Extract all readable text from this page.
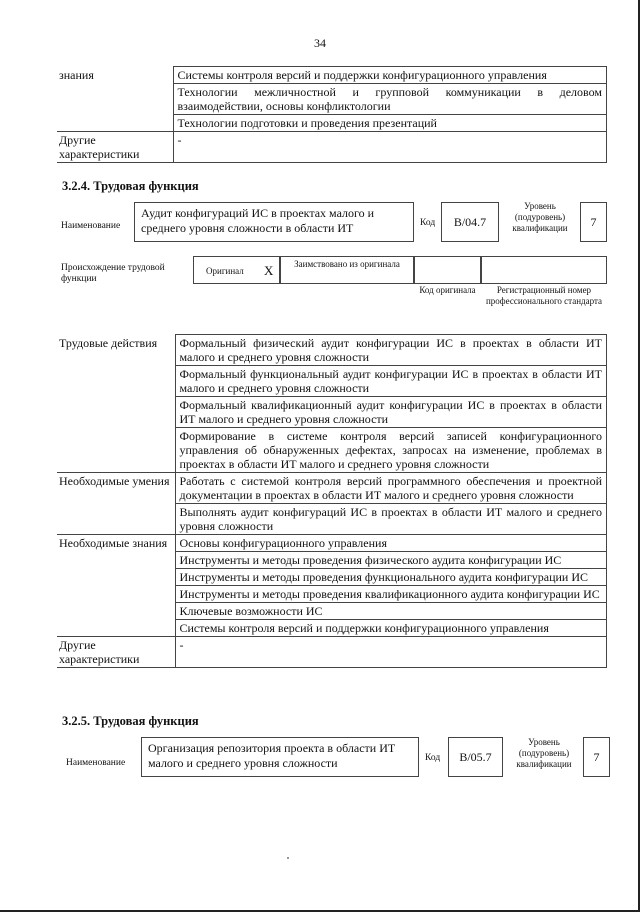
34
знания	Системы контроля версий и поддержки конфигурационного управления
	Технологии межличностной и групповой коммуникации в деловом взаимодействии, основы конфликтологии
	Технологии подготовки и проведения презентаций
Другие характеристики	-
3.2.4. Трудовая функция
Наименование
Аудит конфигураций ИС в проектах малого и среднего уровня сложности в области ИТ	Код	B/04.7
Уровень (подуровень) квалификации	7
Происхождение трудовой функции
Оригинал X	Заимствовано из оригинала
Код оригинала	Регистрационный номер профессионального стандарта
Трудовые действия	Формальный физический аудит конфигурации ИС в проектах в области ИТ малого и среднего уровня сложности
	Формальный функциональный аудит конфигурации ИС в проектах в области ИТ малого и среднего уровня сложности
	Формальный квалификационный аудит конфигурации ИС в проектах в области ИТ малого и среднего уровня сложности
	Формирование в системе контроля версий записей конфигурационного управления об обнаруженных дефектах, запросах на изменение, проблемах в проектах в области ИТ малого и среднего уровня сложности
Необходимые умения	Работать с системой контроля версий программного обеспечения и проектной документации в проектах в области ИТ малого и среднего уровня сложности
	Выполнять аудит конфигураций ИС в проектах в области ИТ малого и среднего уровня сложности
Необходимые знания	Основы конфигурационного управления
	Инструменты и методы проведения физического аудита конфигурации ИС
	Инструменты и методы проведения функционального аудита конфигурации ИС
	Инструменты и методы проведения квалификационного аудита конфигурации ИС
	Ключевые возможности ИС
	Системы контроля версий и поддержки конфигурационного управления
Другие характеристики	-
3.2.5. Трудовая функция
Наименование
Организация репозитория проекта в области ИТ малого и среднего уровня сложности	Код	B/05.7
Уровень (подуровень) квалификации	7
